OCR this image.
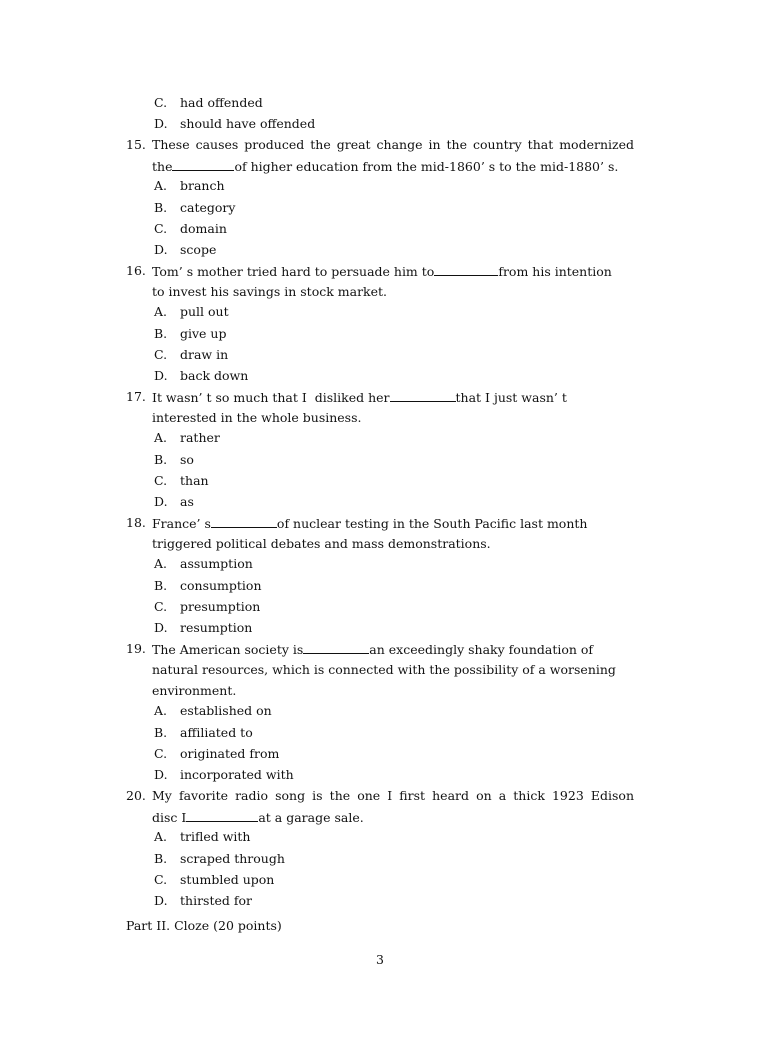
C. had offended
D. should have offended
15. These causes produced the great change in the country that modernized
the	of higher education from the mid-1860’ s to the mid-1880’ s.
A. branch
B. category
C. domain
D. scope
16. Tom’ s mother tried hard to persuade him to	from his intention
to invest his savings in stock market.
A. pull out
B. give up
C. draw in
D. back down
17. It wasn’ t so much that I  disliked her	that I just wasn’ t
interested in the whole business.
A. rather
B. so
C. than
D. as
18. France’ s	of nuclear testing in the South Pacific last month
triggered political debates and mass demonstrations.
A. assumption
B. consumption
C. presumption
D. resumption
19. The American society is	an exceedingly shaky foundation of
natural resources, which is connected with the possibility of a worsening
environment.
A. established on
B. affiliated to
C. originated from
D. incorporated with
20. My favorite radio song is the one I first heard on a thick 1923 Edison
disc I	at a garage sale.
A. trifled with
B. scraped through
C. stumbled upon
D. thirsted for
Part II. Cloze (20 points)
3
